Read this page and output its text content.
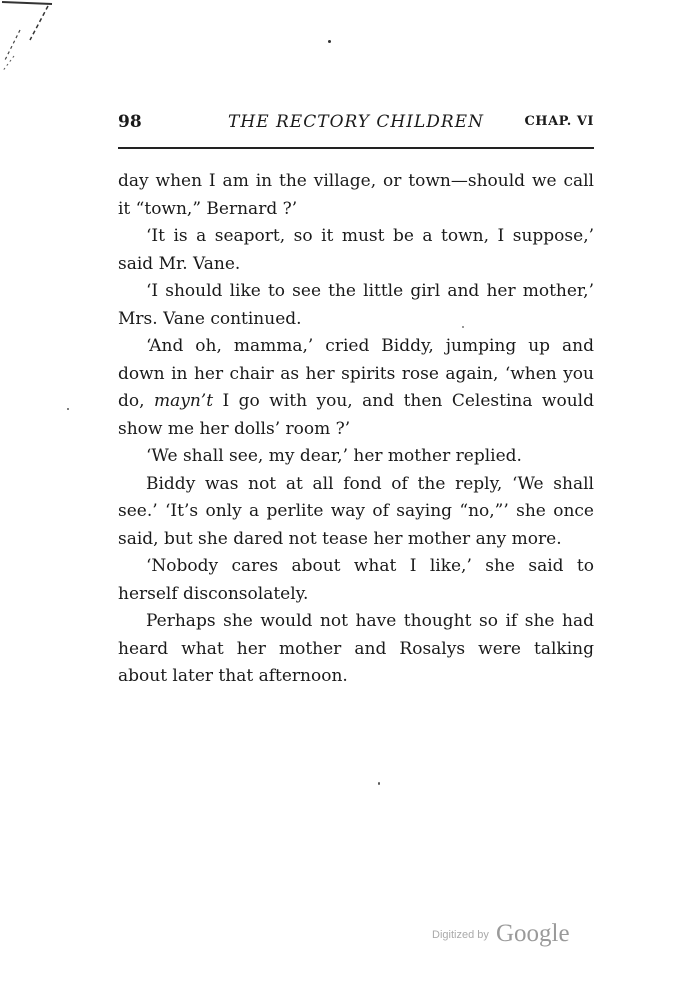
98	THE RECTORY CHILDREN	CHAP. VI

day when I am in the village, or town—should we call it “town,” Bernard ?’

‘It is a seaport, so it must be a town, I suppose,’ said Mr. Vane.

‘I should like to see the little girl and her mother,’ Mrs. Vane continued.

‘And oh, mamma,’ cried Biddy, jumping up and down in her chair as her spirits rose again, ‘when you do, mayn’t I go with you, and then Celestina would show me her dolls’ room ?’

‘We shall see, my dear,’ her mother replied.

Biddy was not at all fond of the reply, ‘We shall see.’ ‘It’s only a perlite way of saying “no,”’ she once said, but she dared not tease her mother any more.

‘Nobody cares about what I like,’ she said to herself disconsolately.

Perhaps she would not have thought so if she had heard what her mother and Rosalys were talking about later that afternoon.

Digitized by Google
